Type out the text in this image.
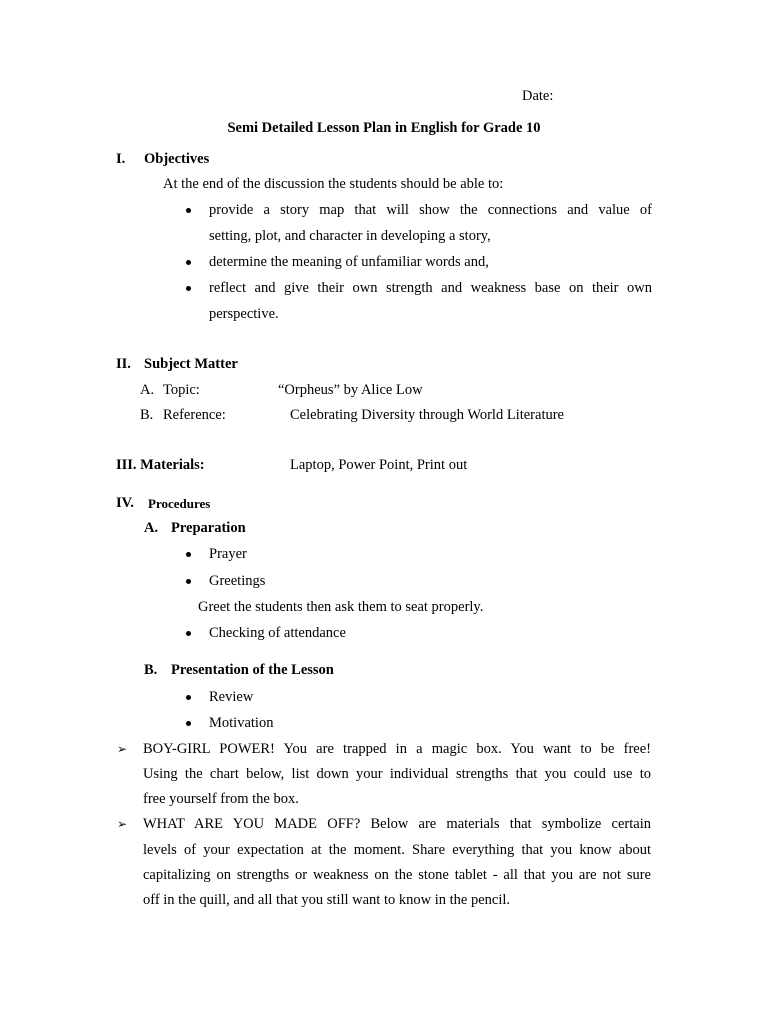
Date:
Semi Detailed Lesson Plan in English for Grade 10
I. Objectives
At the end of the discussion the students should be able to:
provide a story map that will show the connections and value of
setting, plot, and character in developing a story,
determine the meaning of unfamiliar words and,
reflect and give their own strength and weakness base on their own
perspective.
II. Subject Matter
A. Topic:	“Orpheus” by Alice Low
B. Reference:	Celebrating Diversity through World Literature
III. Materials:	Laptop, Power Point, Print out
IV. Procedures
A. Preparation
Prayer
Greetings
Greet the students then ask them to seat properly.
Checking of attendance
B. Presentation of the Lesson
Review
Motivation
➢ BOY-GIRL POWER! You are trapped in a magic box. You want to be free!
Using the chart below, list down your individual strengths that you could use to
free yourself from the box.
➢ WHAT ARE YOU MADE OFF? Below are materials that symbolize certain
levels of your expectation at the moment. Share everything that you know about
capitalizing on strengths or weakness on the stone tablet - all that you are not sure
off in the quill, and all that you still want to know in the pencil.
